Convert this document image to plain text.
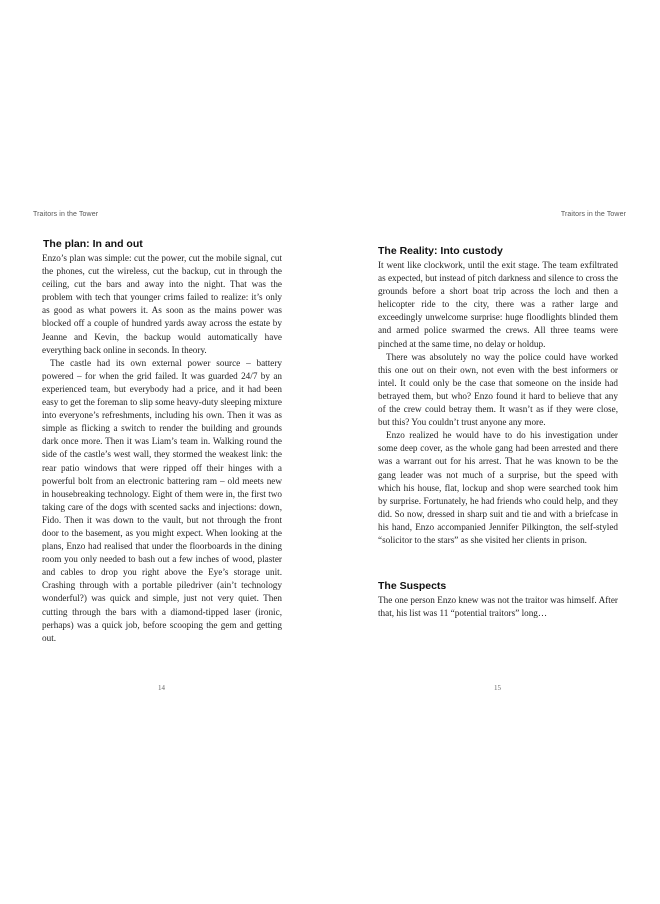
Traitors in the Tower
The plan: In and out

Enzo’s plan was simple: cut the power, cut the mobile signal, cut the phones, cut the wireless, cut the backup, cut in through the ceiling, cut the bars and away into the night. That was the problem with tech that younger crims failed to realize: it’s only as good as what powers it. As soon as the mains power was blocked off a couple of hundred yards away across the estate by Jeanne and Kevin, the backup would automatically have everything back online in seconds. In theory.

The castle had its own external power source – battery powered – for when the grid failed. It was guarded 24/7 by an experienced team, but everybody had a price, and it had been easy to get the foreman to slip some heavy-duty sleeping mixture into everyone’s refreshments, including his own. Then it was as simple as flicking a switch to render the building and grounds dark once more. Then it was Liam’s team in. Walking round the side of the castle’s west wall, they stormed the weakest link: the rear patio windows that were ripped off their hinges with a powerful bolt from an electronic battering ram – old meets new in housebreaking technology. Eight of them were in, the first two taking care of the dogs with scented sacks and injections: down, Fido. Then it was down to the vault, but not through the front door to the basement, as you might expect. When looking at the plans, Enzo had realised that under the floorboards in the dining room you only needed to bash out a few inches of wood, plaster and cables to drop you right above the Eye’s storage unit. Crashing through with a portable piledriver (ain’t technology wonderful?) was quick and simple, just not very quiet. Then cutting through the bars with a diamond-tipped laser (ironic, perhaps) was a quick job, before scooping the gem and getting out.

14
Traitors in the Tower
The Reality: Into custody

It went like clockwork, until the exit stage. The team exfiltrated as expected, but instead of pitch darkness and silence to cross the grounds before a short boat trip across the loch and then a helicopter ride to the city, there was a rather large and exceedingly unwelcome surprise: huge floodlights blinded them and armed police swarmed the crews. All three teams were pinched at the same time, no delay or holdup.

There was absolutely no way the police could have worked this one out on their own, not even with the best informers or intel. It could only be the case that someone on the inside had betrayed them, but who? Enzo found it hard to believe that any of the crew could betray them. It wasn’t as if they were close, but this? You couldn’t trust anyone any more.

Enzo realized he would have to do his investigation under some deep cover, as the whole gang had been arrested and there was a warrant out for his arrest. That he was known to be the gang leader was not much of a surprise, but the speed with which his house, flat, lockup and shop were searched took him by surprise. Fortunately, he had friends who could help, and they did. So now, dressed in sharp suit and tie and with a briefcase in his hand, Enzo accompanied Jennifer Pilkington, the self-styled “solicitor to the stars” as she visited her clients in prison.

The Suspects

The one person Enzo knew was not the traitor was himself. After that, his list was 11 “potential traitors” long…

15
